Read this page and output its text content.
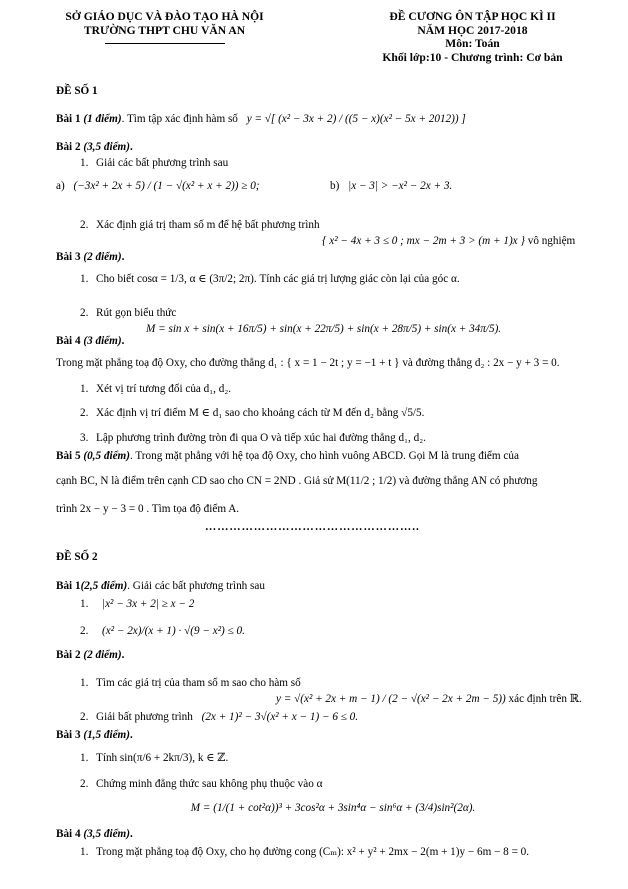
SỞ GIÁO DỤC VÀ ĐÀO TẠO HÀ NỘI
TRƯỜNG THPT CHU VĂN AN
ĐỀ CƯƠNG ÔN TẬP HỌC KÌ II
NĂM HỌC 2017-2018
Môn: Toán
Khối lớp:10 - Chương trình: Cơ bản
ĐỀ SỐ 1
Bài 1 (1 điểm). Tìm tập xác định hàm số y = √[ (x² − 3x + 2) / ((5 − x)(x² − 5x + 2012)) ]
Bài 2 (3,5 điểm).
1. Giải các bất phương trình sau
a) (−3x² + 2x + 5) / (1 − √(x² + x + 2)) ≥ 0;	b) |x − 3| > −x² − 2x + 3.
2. Xác định giá trị tham số m để hệ bất phương trình
{ x² − 4x + 3 ≤ 0 ; mx − 2m + 3 > (m + 1)x } vô nghiệm
Bài 3 (2 điểm).
1. Cho biết cosα = 1/3, α ∈ (3π/2; 2π). Tính các giá trị lượng giác còn lại của góc α.
2. Rút gọn biểu thức
M = sin x + sin(x + 16π/5) + sin(x + 22π/5) + sin(x + 28π/5) + sin(x + 34π/5).
Bài 4 (3 điểm).
Trong mặt phẳng toạ độ Oxy, cho đường thẳng d₁ : { x = 1 − 2t ; y = −1 + t } và đường thẳng d₂ : 2x − y + 3 = 0.
1. Xét vị trí tương đối của d₁, d₂.
2. Xác định vị trí điểm M ∈ d₁ sao cho khoảng cách từ M đến d₂ bằng √5/5.
3. Lập phương trình đường tròn đi qua O và tiếp xúc hai đường thẳng d₁, d₂.
Bài 5 (0,5 điểm). Trong mặt phẳng với hệ tọa độ Oxy, cho hình vuông ABCD. Gọi M là trung điểm của
cạnh BC, N là điểm trên cạnh CD sao cho CN = 2ND . Giả sử M(11/2 ; 1/2) và đường thẳng AN có phương
trình 2x − y − 3 = 0 . Tìm tọa độ điểm A.
……………………………………………..
ĐỀ SỐ 2
Bài 1(2,5 điểm). Giải các bất phương trình sau
1. |x² − 3x + 2| ≥ x − 2
2. (x² − 2x)/(x + 1) · √(9 − x²) ≤ 0.
Bài 2 (2 điểm).
1. Tìm các giá trị của tham số m sao cho hàm số
y = √(x² + 2x + m − 1) / (2 − √(x² − 2x + 2m − 5)) xác định trên ℝ.
2. Giải bất phương trình (2x + 1)² − 3√(x² + x − 1) − 6 ≤ 0.
Bài 3 (1,5 điểm).
1. Tính sin(π/6 + 2kπ/3), k ∈ ℤ.
2. Chứng minh đẳng thức sau không phụ thuộc vào α
M = (1/(1 + cot²α))³ + 3cos²α + 3sin⁴α − sin⁶α + (3/4)sin²(2α).
Bài 4 (3,5 điểm).
1. Trong mặt phẳng toạ độ Oxy, cho họ đường cong (Cₘ): x² + y² + 2mx − 2(m + 1)y − 6m − 8 = 0.
